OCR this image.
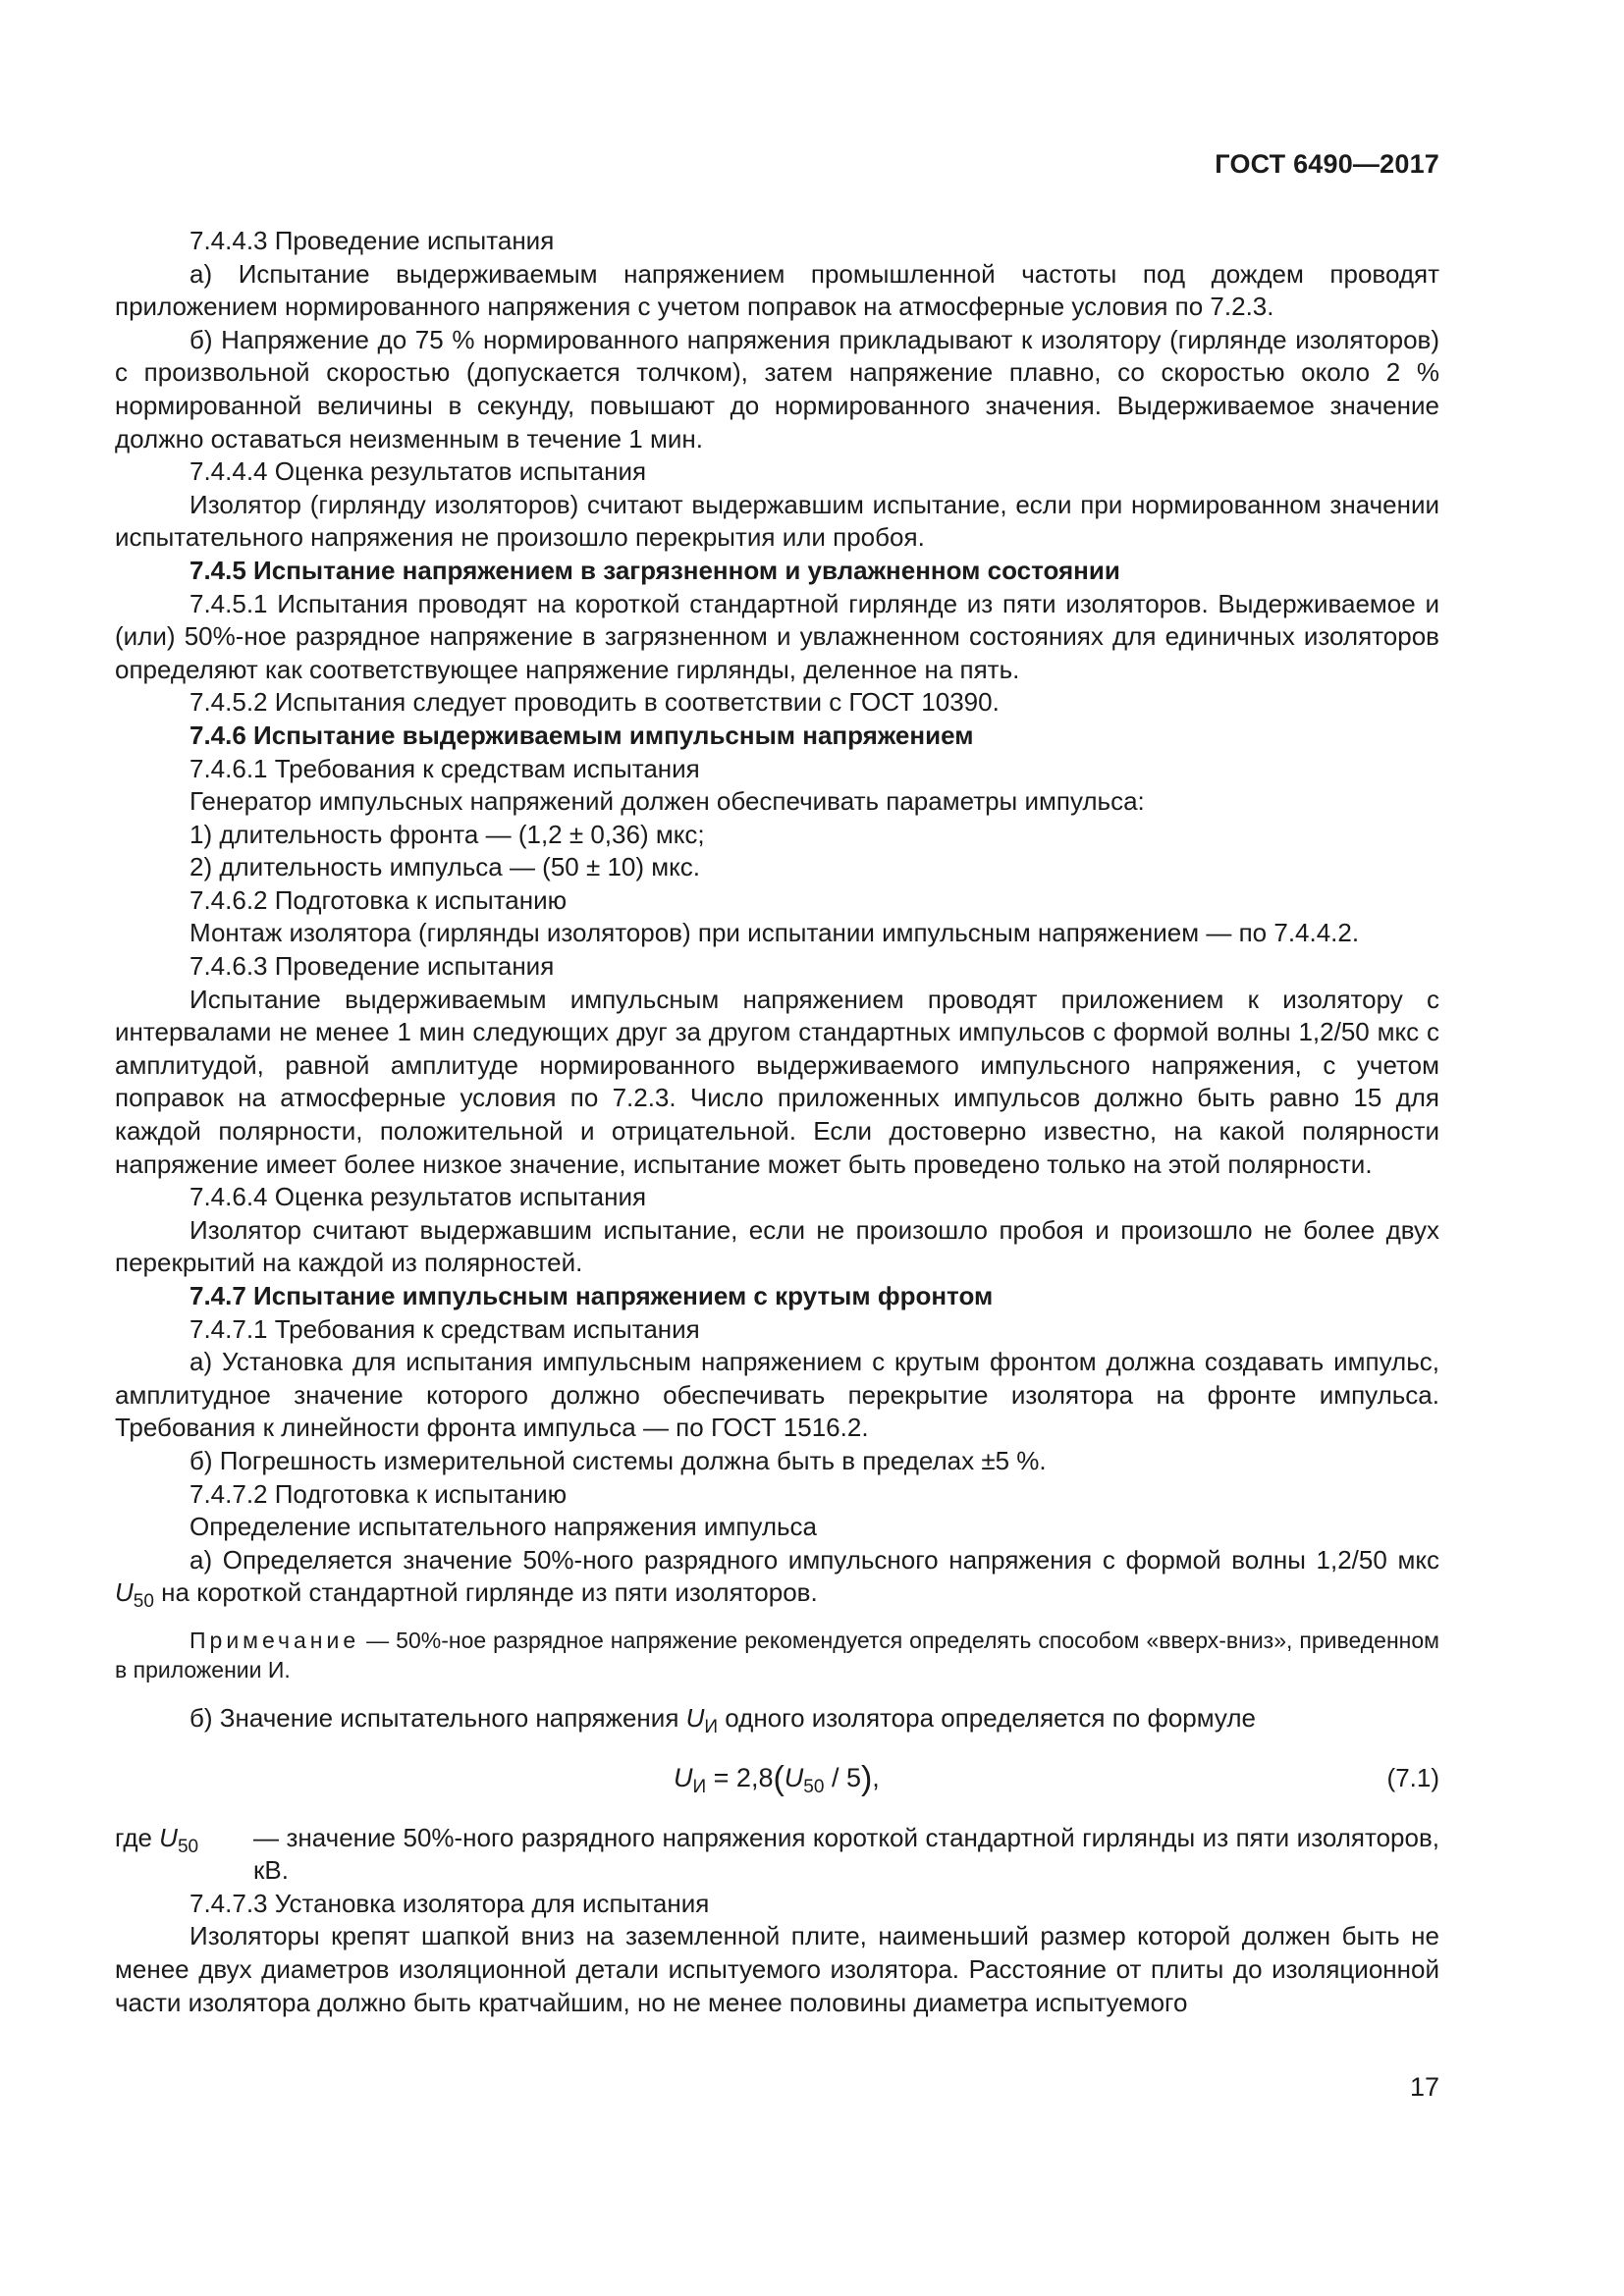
ГОСТ 6490—2017

7.4.4.3 Проведение испытания

а) Испытание выдерживаемым напряжением промышленной частоты под дождем проводят приложением нормированного напряжения с учетом поправок на атмосферные условия по 7.2.3.

б) Напряжение до 75 % нормированного напряжения прикладывают к изолятору (гирлянде изоляторов) с произвольной скоростью (допускается толчком), затем напряжение плавно, со скоростью около 2 % нормированной величины в секунду, повышают до нормированного значения. Выдерживаемое значение должно оставаться неизменным в течение 1 мин.

7.4.4.4 Оценка результатов испытания

Изолятор (гирлянду изоляторов) считают выдержавшим испытание, если при нормированном значении испытательного напряжения не произошло перекрытия или пробоя.

7.4.5 Испытание напряжением в загрязненном и увлажненном состоянии

7.4.5.1 Испытания проводят на короткой стандартной гирлянде из пяти изоляторов. Выдерживаемое и (или) 50%-ное разрядное напряжение в загрязненном и увлажненном состояниях для единичных изоляторов определяют как соответствующее напряжение гирлянды, деленное на пять.

7.4.5.2 Испытания следует проводить в соответствии с ГОСТ 10390.

7.4.6 Испытание выдерживаемым импульсным напряжением

7.4.6.1 Требования к средствам испытания

Генератор импульсных напряжений должен обеспечивать параметры импульса:

1) длительность фронта — (1,2 ± 0,36) мкс;

2) длительность импульса — (50 ± 10) мкс.

7.4.6.2 Подготовка к испытанию

Монтаж изолятора (гирлянды изоляторов) при испытании импульсным напряжением — по 7.4.4.2.

7.4.6.3 Проведение испытания

Испытание выдерживаемым импульсным напряжением проводят приложением к изолятору с интервалами не менее 1 мин следующих друг за другом стандартных импульсов с формой волны 1,2/50 мкс с амплитудой, равной амплитуде нормированного выдерживаемого импульсного напряжения, с учетом поправок на атмосферные условия по 7.2.3. Число приложенных импульсов должно быть равно 15 для каждой полярности, положительной и отрицательной. Если достоверно известно, на какой полярности напряжение имеет более низкое значение, испытание может быть проведено только на этой полярности.

7.4.6.4 Оценка результатов испытания

Изолятор считают выдержавшим испытание, если не произошло пробоя и произошло не более двух перекрытий на каждой из полярностей.

7.4.7 Испытание импульсным напряжением с крутым фронтом

7.4.7.1 Требования к средствам испытания

а) Установка для испытания импульсным напряжением с крутым фронтом должна создавать импульс, амплитудное значение которого должно обеспечивать перекрытие изолятора на фронте импульса. Требования к линейности фронта импульса — по ГОСТ 1516.2.

б) Погрешность измерительной системы должна быть в пределах ±5 %.

7.4.7.2 Подготовка к испытанию

Определение испытательного напряжения импульса

а) Определяется значение 50%-ного разрядного импульсного напряжения с формой волны 1,2/50 мкс $U_{50}$ на короткой стандартной гирлянде из пяти изоляторов.

Примечание — 50%-ное разрядное напряжение рекомендуется определять способом «вверх-вниз», приведенном в приложении И.

б) Значение испытательного напряжения $U_И$ одного изолятора определяется по формуле

$U_И = 2,8(U_{50} / 5)$,	(7.1)
где $U_{50}$ — значение 50%-ного разрядного напряжения короткой стандартной гирлянды из пяти изоляторов, кВ.

7.4.7.3 Установка изолятора для испытания

Изоляторы крепят шапкой вниз на заземленной плите, наименьший размер которой должен быть не менее двух диаметров изоляционной детали испытуемого изолятора. Расстояние от плиты до изоляционной части изолятора должно быть кратчайшим, но не менее половины диаметра испытуемого

17
